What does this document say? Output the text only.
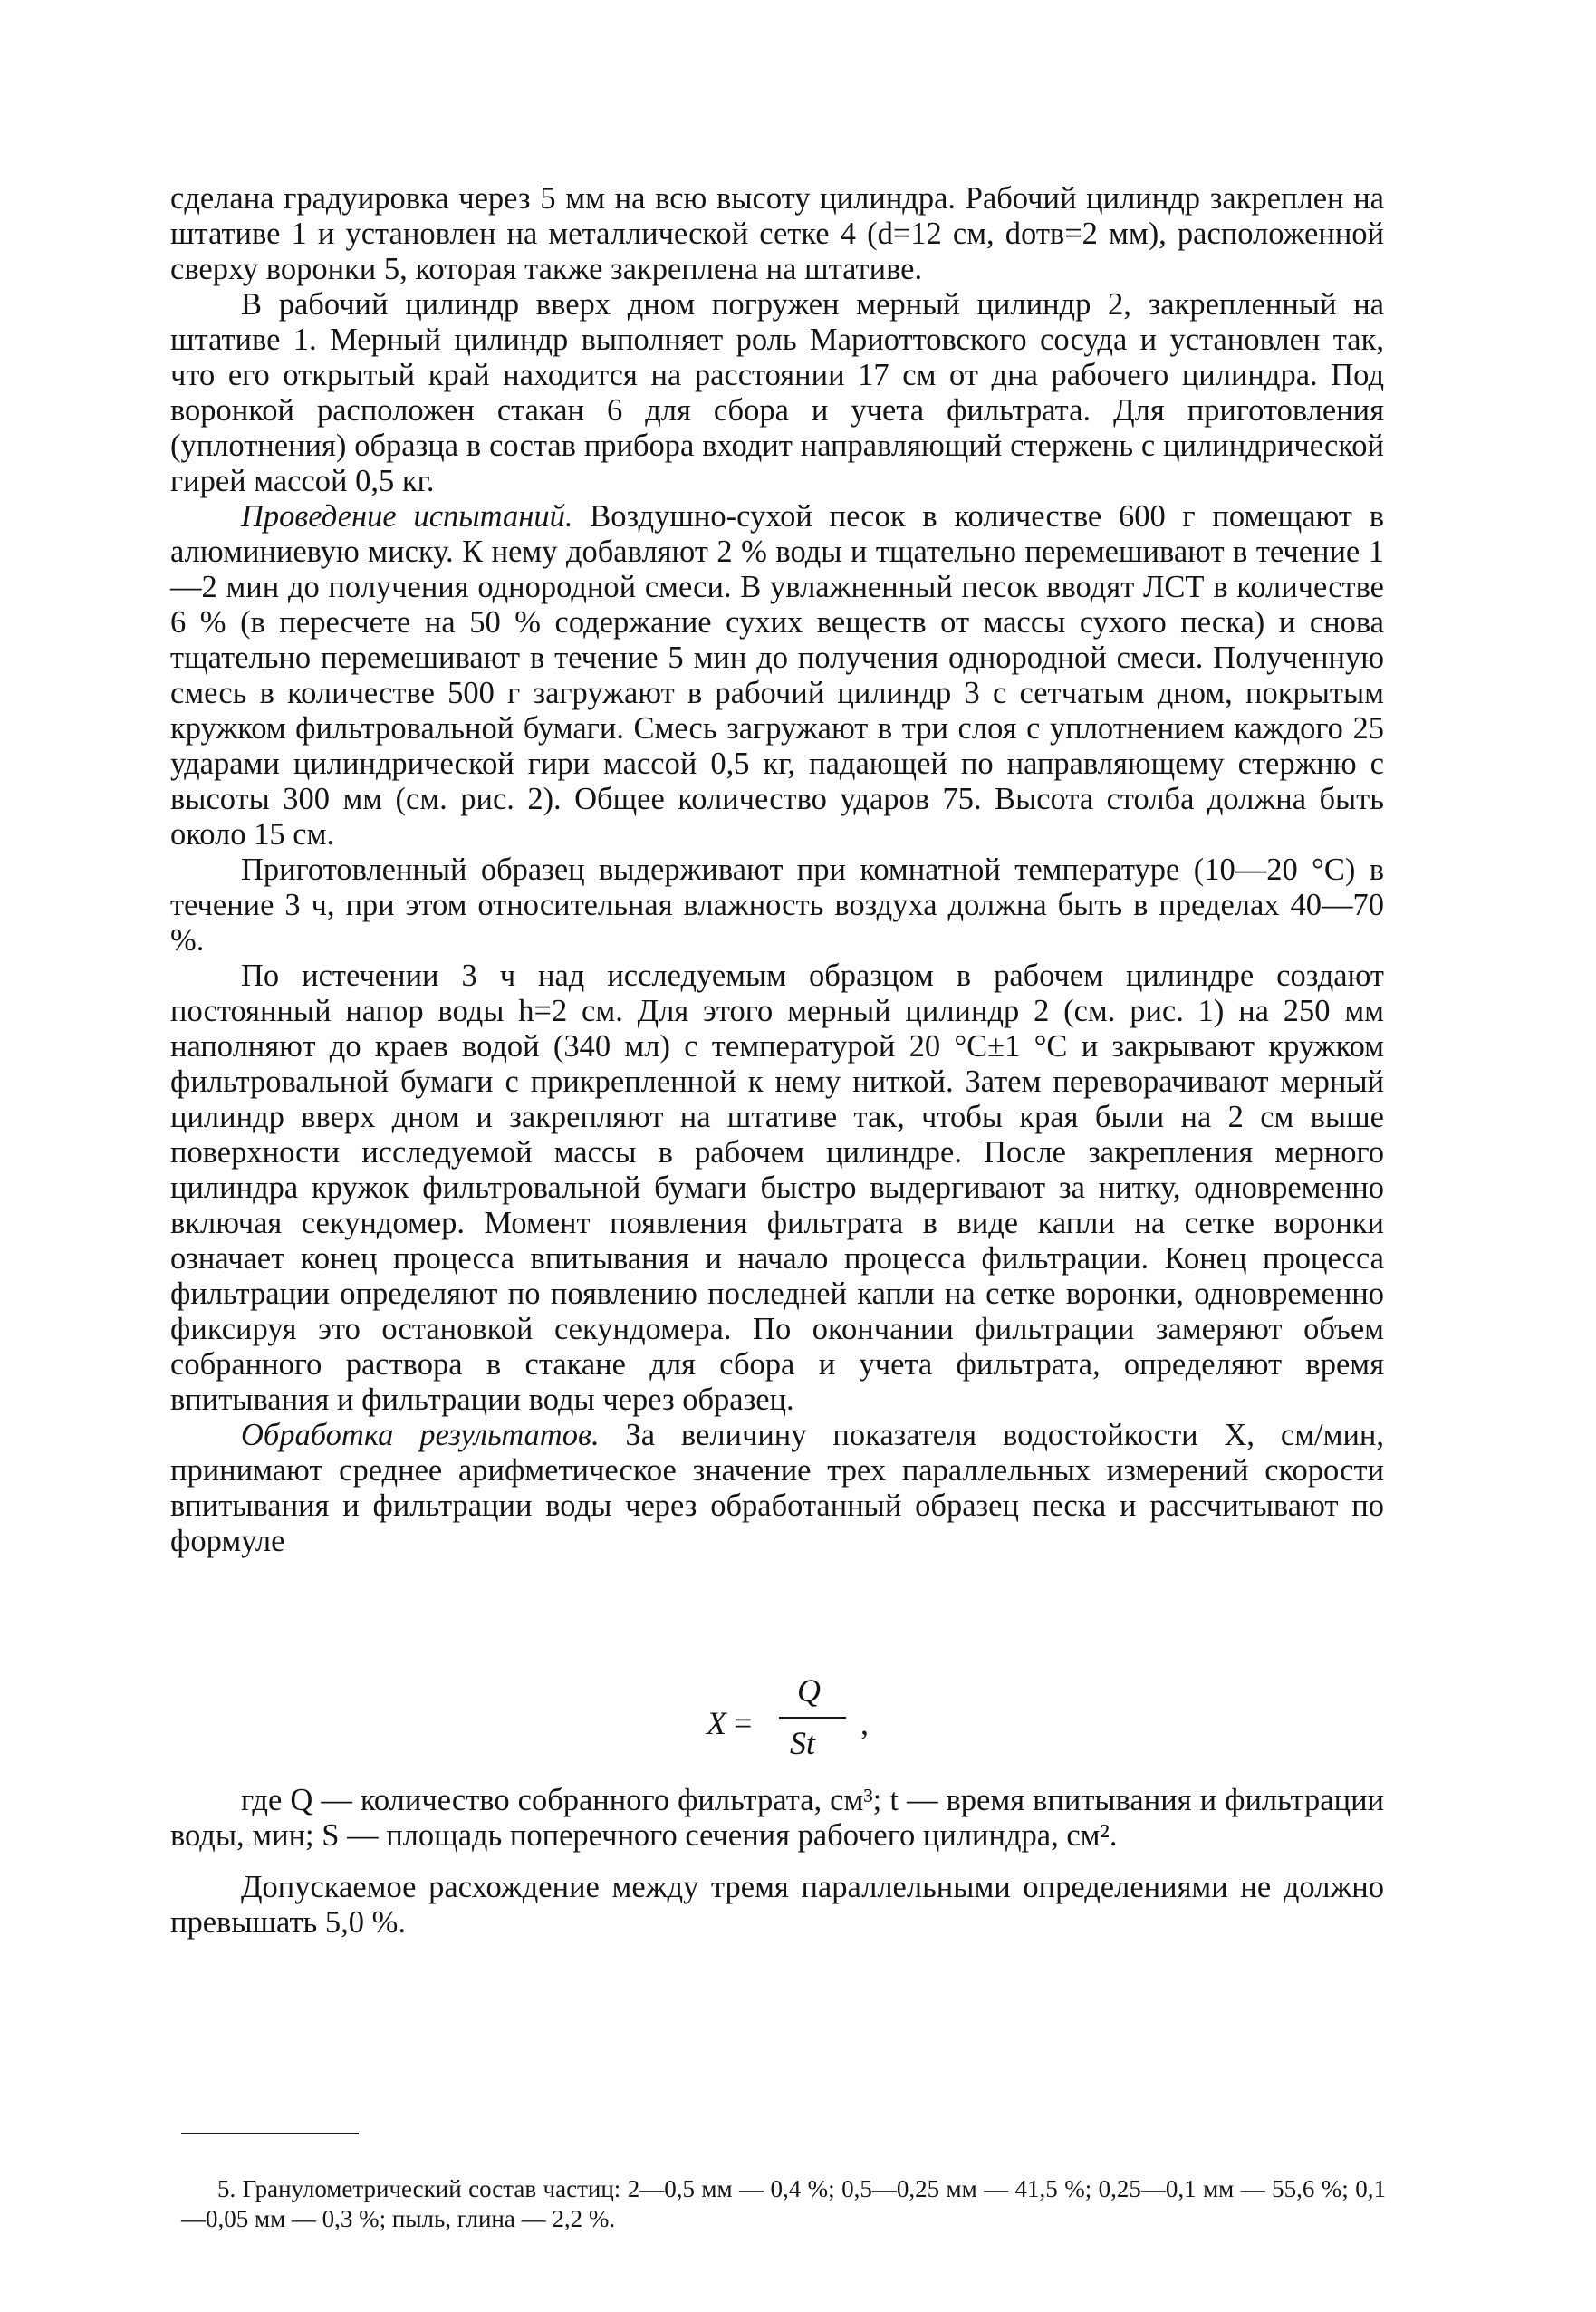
сделана градуировка через 5 мм на всю высоту цилиндра. Рабочий цилиндр закреплен на штативе 1 и установлен на металлической сетке 4 (d=12 см, dотв=2 мм), расположенной сверху воронки 5, которая также закреплена на штативе.

В рабочий цилиндр вверх дном погружен мерный цилиндр 2, закрепленный на штативе 1. Мерный цилиндр выполняет роль Мариоттовского сосуда и установлен так, что его открытый край находится на расстоянии 17 см от дна рабочего цилиндра. Под воронкой расположен стакан 6 для сбора и учета фильтрата. Для приготовления (уплотнения) образца в состав прибора входит направляющий стержень с цилиндрической гирей массой 0,5 кг.

Проведение испытаний. Воздушно-сухой песок в количестве 600 г помещают в алюминиевую миску. К нему добавляют 2 % воды и тщательно перемешивают в течение 1—2 мин до получения однородной смеси. В увлажненный песок вводят ЛСТ в количестве 6 % (в пересчете на 50 % содержание сухих веществ от массы сухого песка) и снова тщательно перемешивают в течение 5 мин до получения однородной смеси. Полученную смесь в количестве 500 г загружают в рабочий цилиндр 3 с сетчатым дном, покрытым кружком фильтровальной бумаги. Смесь загружают в три слоя с уплотнением каждого 25 ударами цилиндрической гири массой 0,5 кг, падающей по направляющему стержню с высоты 300 мм (см. рис. 2). Общее количество ударов 75. Высота столба должна быть около 15 см.

Приготовленный образец выдерживают при комнатной температуре (10—20 °C) в течение 3 ч, при этом относительная влажность воздуха должна быть в пределах 40—70 %.

По истечении 3 ч над исследуемым образцом в рабочем цилиндре создают постоянный напор воды h=2 см. Для этого мерный цилиндр 2 (см. рис. 1) на 250 мм наполняют до краев водой (340 мл) с температурой 20 °C±1 °C и закрывают кружком фильтровальной бумаги с прикрепленной к нему ниткой. Затем переворачивают мерный цилиндр вверх дном и закрепляют на штативе так, чтобы края были на 2 см выше поверхности исследуемой массы в рабочем цилиндре. После закрепления мерного цилиндра кружок фильтровальной бумаги быстро выдергивают за нитку, одновременно включая секундомер. Момент появления фильтрата в виде капли на сетке воронки означает конец процесса впитывания и начало процесса фильтрации. Конец процесса фильтрации определяют по появлению последней капли на сетке воронки, одновременно фиксируя это остановкой секундомера. По окончании фильтрации замеряют объем собранного раствора в стакане для сбора и учета фильтрата, определяют время впитывания и фильтрации воды через образец.

Обработка результатов. За величину показателя водостойкости X, см/мин, принимают среднее арифметическое значение трех параллельных измерений скорости впитывания и фильтрации воды через обработанный образец песка и рассчитывают по формуле

X =
Q
St
,

где Q — количество собранного фильтрата, см³; t — время впитывания и фильтрации воды, мин; S — площадь поперечного сечения рабочего цилиндра, см².

Допускаемое расхождение между тремя параллельными определениями не должно превышать 5,0 %.

5. Гранулометрический состав частиц: 2—0,5 мм — 0,4 %; 0,5—0,25 мм — 41,5 %; 0,25—0,1 мм — 55,6 %; 0,1—0,05 мм — 0,3 %; пыль, глина — 2,2 %.
